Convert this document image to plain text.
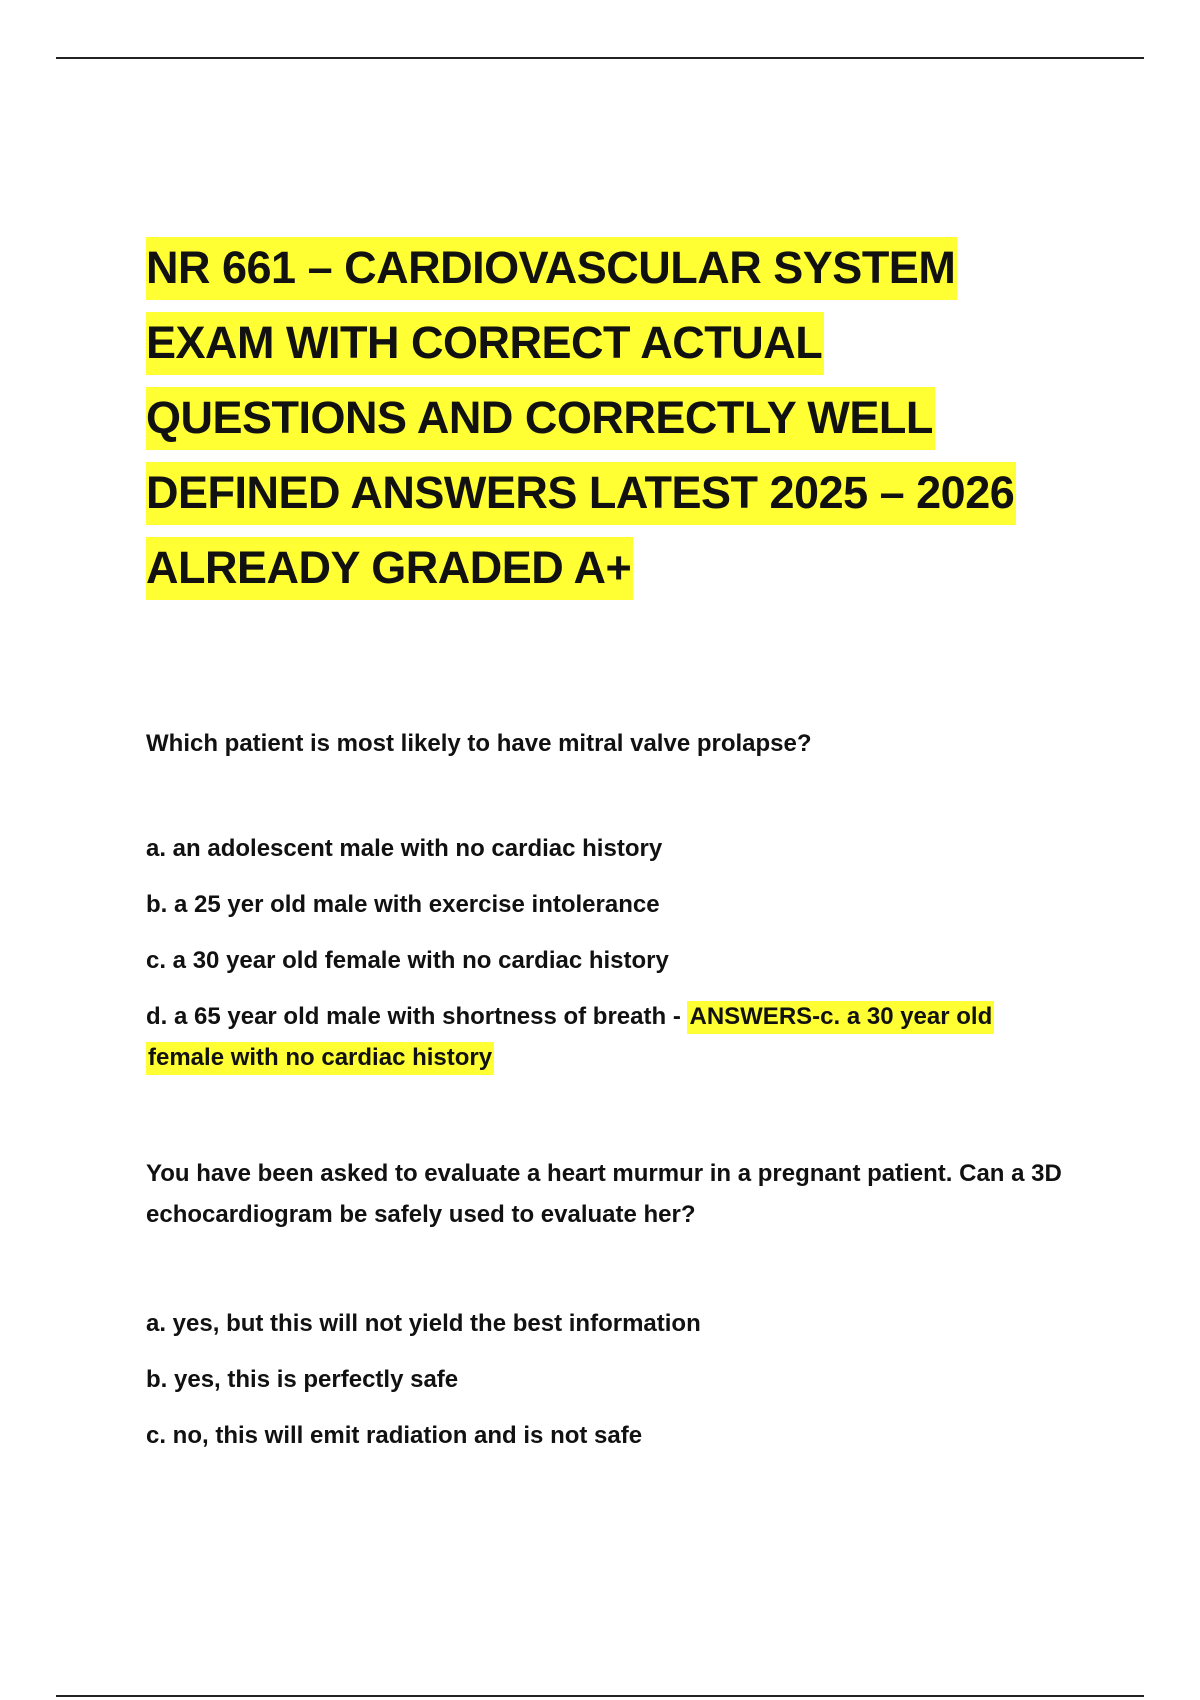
NR 661 – CARDIOVASCULAR SYSTEM EXAM WITH CORRECT ACTUAL QUESTIONS AND CORRECTLY WELL DEFINED ANSWERS LATEST 2025 – 2026 ALREADY GRADED A+

Which patient is most likely to have mitral valve prolapse?

a. an adolescent male with no cardiac history
b. a 25 yer old male with exercise intolerance
c. a 30 year old female with no cardiac history
d. a 65 year old male with shortness of breath - ANSWERS-c. a 30 year old female with no cardiac history

You have been asked to evaluate a heart murmur in a pregnant patient. Can a 3D echocardiogram be safely used to evaluate her?

a. yes, but this will not yield the best information
b. yes, this is perfectly safe
c. no, this will emit radiation and is not safe
